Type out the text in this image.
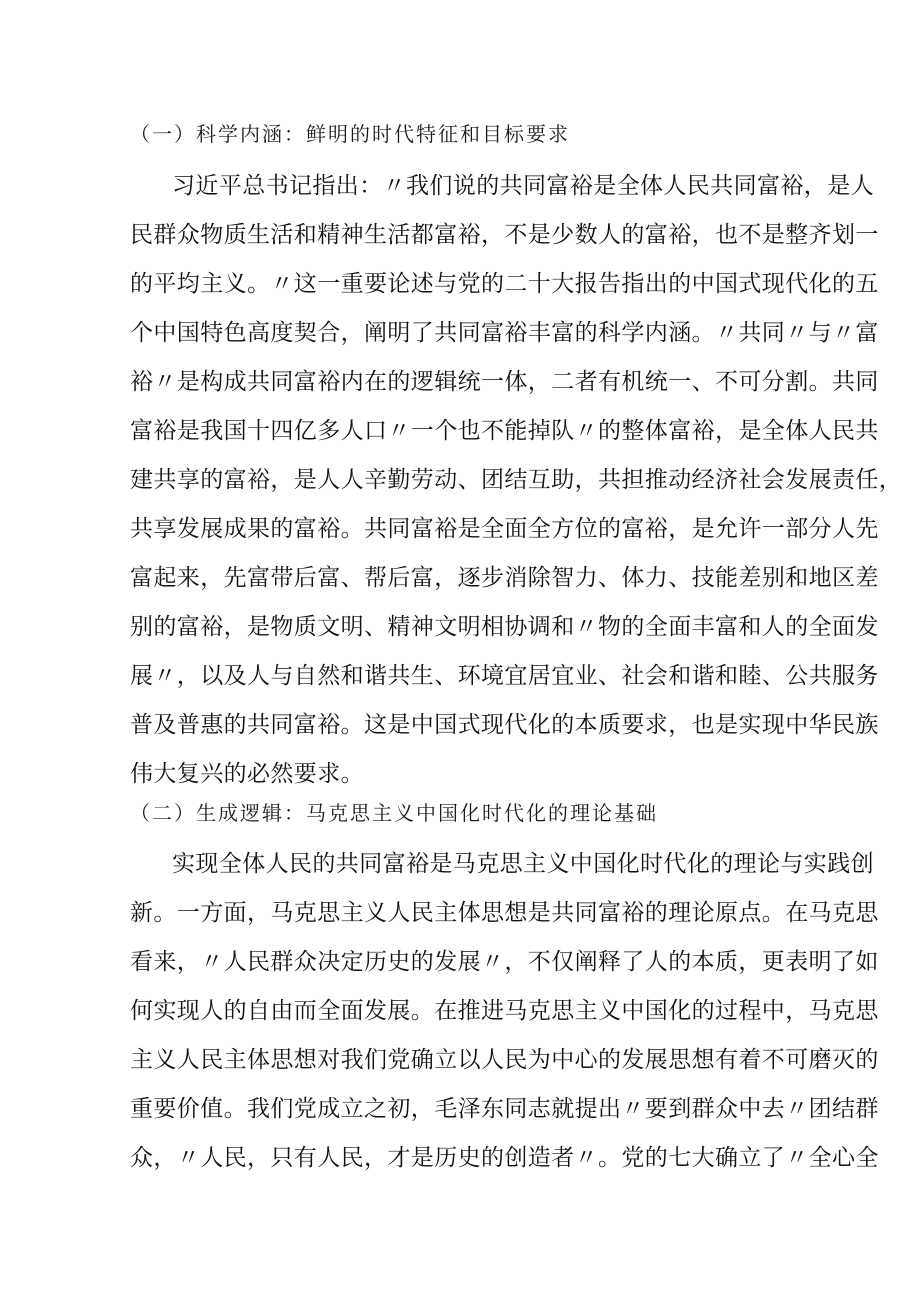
（一）科学内涵：鲜明的时代特征和目标要求
习近平总书记指出：〃我们说的共同富裕是全体人民共同富裕，是人
民群众物质生活和精神生活都富裕，不是少数人的富裕，也不是整齐划一
的平均主义。〃这一重要论述与党的二十大报告指出的中国式现代化的五
个中国特色高度契合，阐明了共同富裕丰富的科学内涵。〃共同〃与〃富
裕〃是构成共同富裕内在的逻辑统一体，二者有机统一、不可分割。共同
富裕是我国十四亿多人口〃一个也不能掉队〃的整体富裕，是全体人民共
建共享的富裕，是人人辛勤劳动、团结互助，共担推动经济社会发展责任，
共享发展成果的富裕。共同富裕是全面全方位的富裕，是允许一部分人先
富起来，先富带后富、帮后富，逐步消除智力、体力、技能差别和地区差
别的富裕，是物质文明、精神文明相协调和〃物的全面丰富和人的全面发
展〃，以及人与自然和谐共生、环境宜居宜业、社会和谐和睦、公共服务
普及普惠的共同富裕。这是中国式现代化的本质要求，也是实现中华民族
伟大复兴的必然要求。
（二）生成逻辑：马克思主义中国化时代化的理论基础
实现全体人民的共同富裕是马克思主义中国化时代化的理论与实践创
新。一方面，马克思主义人民主体思想是共同富裕的理论原点。在马克思
看来，〃人民群众决定历史的发展〃，不仅阐释了人的本质，更表明了如
何实现人的自由而全面发展。在推进马克思主义中国化的过程中，马克思
主义人民主体思想对我们党确立以人民为中心的发展思想有着不可磨灭的
重要价值。我们党成立之初，毛泽东同志就提出〃要到群众中去〃团结群
众，〃人民，只有人民，才是历史的创造者〃。党的七大确立了〃全心全
